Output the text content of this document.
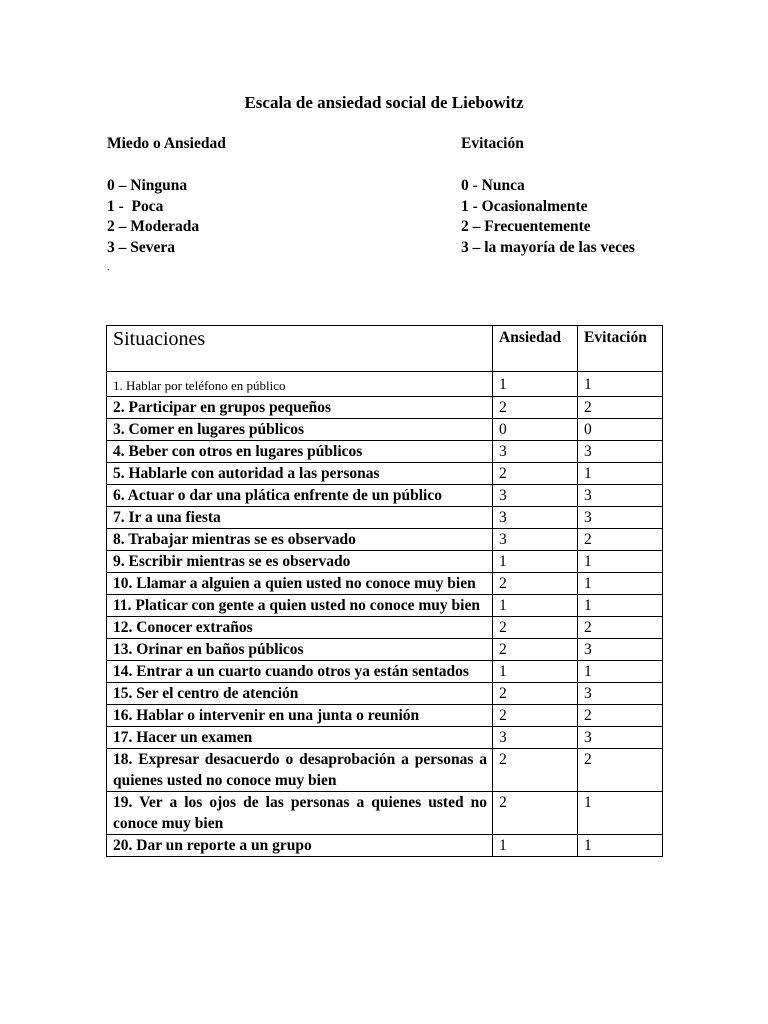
Escala de ansiedad social de Liebowitz
Miedo o Ansiedad
0 – Ninguna
1 -  Poca
2 – Moderada
3 – Severa
Evitación
0 - Nunca
1 - Ocasionalmente
2 – Frecuentemente
3 – la mayoría de las veces
.
Situaciones	Ansiedad	Evitación
1. Hablar por teléfono en público	1	1
2. Participar en grupos pequeños	2	2
3. Comer en lugares públicos	0	0
4. Beber con otros en lugares públicos	3	3
5. Hablarle con autoridad a las personas	2	1
6. Actuar o dar una plática enfrente de un público	3	3
7. Ir a una fiesta	3	3
8. Trabajar mientras se es observado	3	2
9. Escribir mientras se es observado	1	1
10. Llamar a alguien a quien usted no conoce muy bien	2	1
11. Platicar con gente a quien usted no conoce muy bien	1	1
12. Conocer extraños	2	2
13. Orinar en baños públicos	2	3
14. Entrar a un cuarto cuando otros ya están sentados	1	1
15. Ser el centro de atención	2	3
16. Hablar o intervenir en una junta o reunión	2	2
17. Hacer un examen	3	3
18. Expresar desacuerdo o desaprobación a personas a quienes usted no conoce muy bien	2	2
19. Ver a los ojos de las personas a quienes usted no conoce muy bien	2	1
20. Dar un reporte a un grupo	1	1
